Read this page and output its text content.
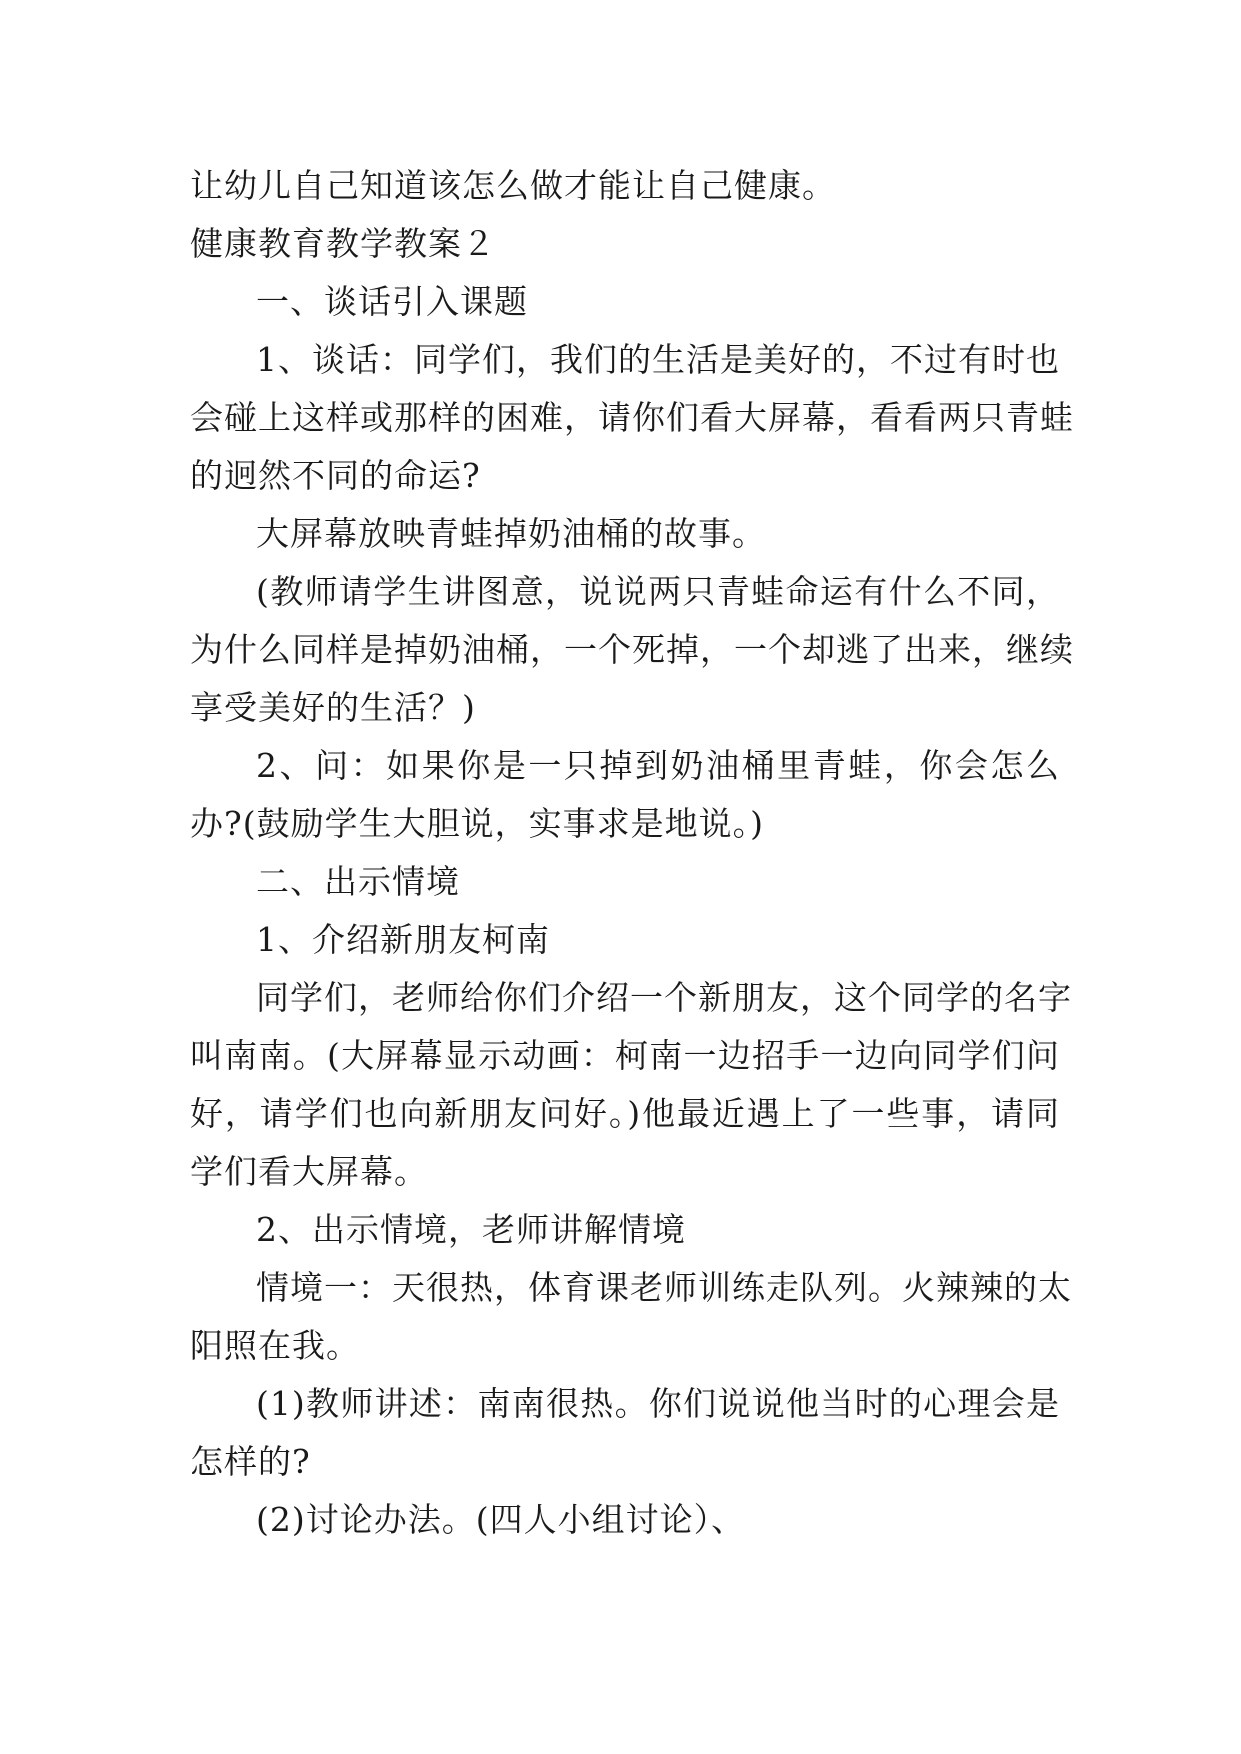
让幼儿自己知道该怎么做才能让自己健康。
健康教育教学教案２
一、谈话引入课题
1、谈话：同学们，我们的生活是美好的，不过有时也
会碰上这样或那样的困难，请你们看大屏幕，看看两只青蛙
的迥然不同的命运?
大屏幕放映青蛙掉奶油桶的故事。
(教师请学生讲图意，说说两只青蛙命运有什么不同，
为什么同样是掉奶油桶，一个死掉，一个却逃了出来，继续
享受美好的生活？)
2、问：如果你是一只掉到奶油桶里青蛙，你会怎么
办?(鼓励学生大胆说，实事求是地说。)
二、出示情境
1、介绍新朋友柯南
同学们，老师给你们介绍一个新朋友，这个同学的名字
叫南南。(大屏幕显示动画：柯南一边招手一边向同学们问
好，请学们也向新朋友问好。)他最近遇上了一些事，请同
学们看大屏幕。
2、出示情境，老师讲解情境
情境一：天很热，体育课老师训练走队列。火辣辣的太
阳照在我。
(1)教师讲述：南南很热。你们说说他当时的心理会是
怎样的?
(2)讨论办法。(四人小组讨论）、
